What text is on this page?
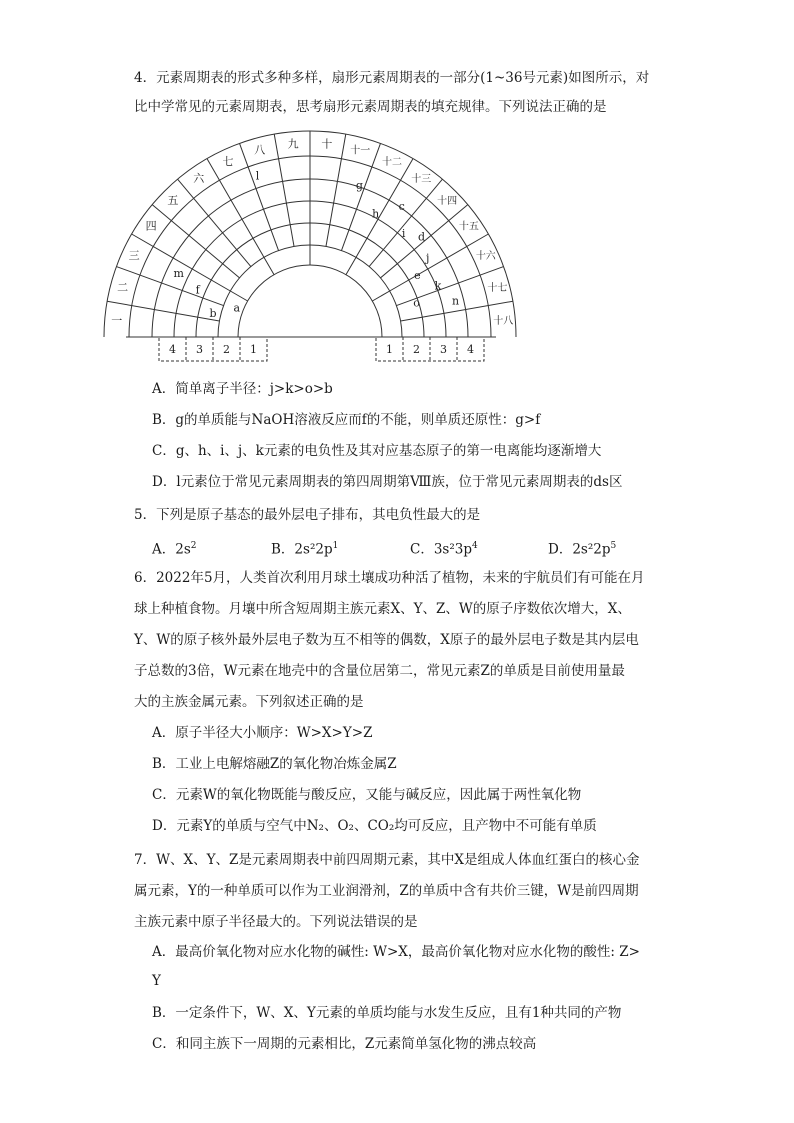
4．元素周期表的形式多种多样，扇形元素周期表的一部分(1~36号元素)如图所示，对
比中学常见的元素周期表，思考扇形元素周期表的填充规律。下列说法正确的是
一
二
三
四
五
六
七
八 九 十
十一
十二
十三
十四
十五
十六
十七
十八
a
b
f
m
l
g
h
c
i d
j
e
k
o	n
4 3 2 1	1 2 3 4
A．简单离子半径：j>k>o>b
B．g的单质能与NaOH溶液反应而f的不能，则单质还原性：g>f
C．g、h、i、j、k元素的电负性及其对应基态原子的第一电离能均逐渐增大
D．l元素位于常见元素周期表的第四周期第Ⅷ族，位于常见元素周期表的ds区
5．下列是原子基态的最外层电子排布，其电负性最大的是
A．$2s^2$	B．$2s^22p^1$	C．$3s^23p^4$	D．$2s^22p^5$
6．2022年5月，人类首次利用月球土壤成功种活了植物，未来的宇航员们有可能在月
球上种植食物。月壤中所含短周期主族元素X、Y、Z、W的原子序数依次增大，X、
Y、W的原子核外最外层电子数为互不相等的偶数，X原子的最外层电子数是其内层电
子总数的3倍，W元素在地壳中的含量位居第二，常见元素Z的单质是目前使用量最
大的主族金属元素。下列叙述正确的是
A．原子半径大小顺序：W>X>Y>Z
B．工业上电解熔融Z的氧化物冶炼金属Z
C．元素W的氧化物既能与酸反应，又能与碱反应，因此属于两性氧化物
D．元素Y的单质与空气中N₂、O₂、CO₂均可反应，且产物中不可能有单质
7．W、X、Y、Z是元素周期表中前四周期元素，其中X是组成人体血红蛋白的核心金
属元素，Y的一种单质可以作为工业润滑剂，Z的单质中含有共价三键，W是前四周期
主族元素中原子半径最大的。下列说法错误的是
A．最高价氧化物对应水化物的碱性: W>X，最高价氧化物对应水化物的酸性: Z>
Y
B．一定条件下，W、X、Y元素的单质均能与水发生反应，且有1种共同的产物
C．和同主族下一周期的元素相比，Z元素简单氢化物的沸点较高
